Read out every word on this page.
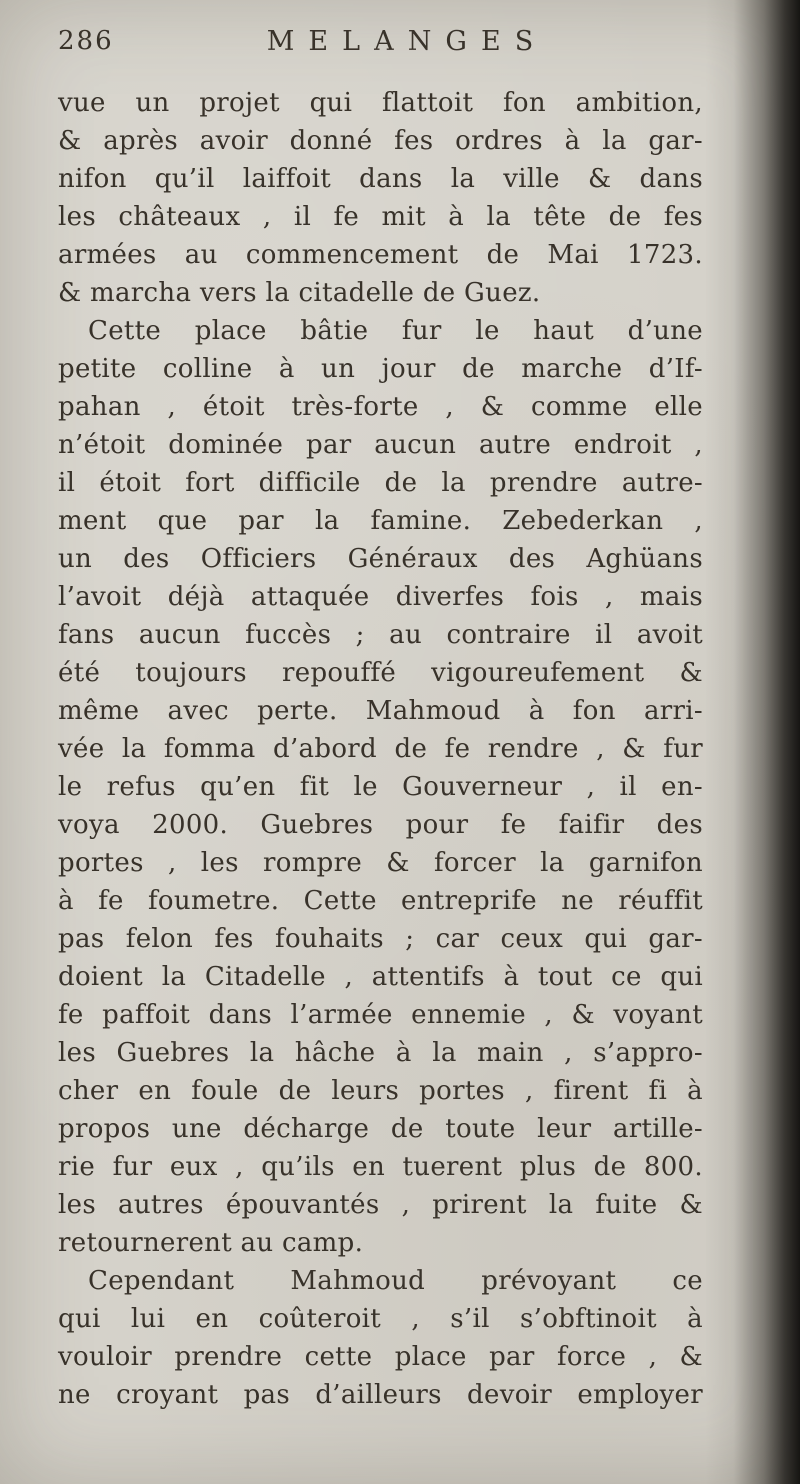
286	MELANGES
vue un projet qui flattoit fon ambition,
& après avoir donné fes ordres à la gar-
nifon qu’il laiffoit dans la ville & dans
les châteaux , il fe mit à la tête de fes
armées au commencement de Mai 1723.
& marcha vers la citadelle de Guez.
Cette place bâtie fur le haut d’une
petite colline à un jour de marche d’If-
pahan , étoit très-forte , & comme elle
n’étoit dominée par aucun autre endroit ,
il étoit fort difficile de la prendre autre-
ment que par la famine. Zebederkan ,
un des Officiers Généraux des Aghüans
l’avoit déjà attaquée diverfes fois , mais
fans aucun fuccès ; au contraire il avoit
été toujours repouffé vigoureufement &
même avec perte. Mahmoud à fon arri-
vée la fomma d’abord de fe rendre , & fur
le refus qu’en fit le Gouverneur , il en-
voya 2000. Guebres pour fe faifir des
portes , les rompre & forcer la garnifon
à fe foumetre. Cette entreprife ne réuffit
pas felon fes fouhaits ; car ceux qui gar-
doient la Citadelle , attentifs à tout ce qui
fe paffoit dans l’armée ennemie , & voyant
les Guebres la hâche à la main , s’appro-
cher en foule de leurs portes , firent fi à
propos une décharge de toute leur artille-
rie fur eux , qu’ils en tuerent plus de 800.
les autres épouvantés , prirent la fuite &
retournerent au camp.
Cependant Mahmoud prévoyant ce
qui lui en coûteroit , s’il s’obftinoit à
vouloir prendre cette place par force , &
ne croyant pas d’ailleurs devoir employer
